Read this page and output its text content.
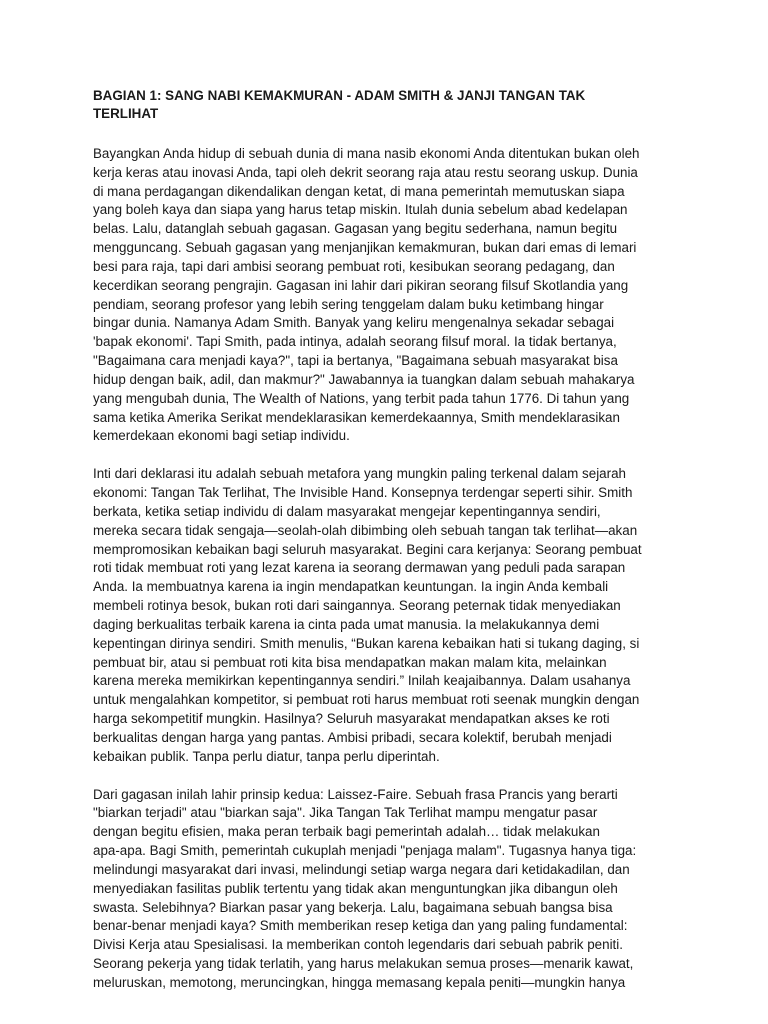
BAGIAN 1: SANG NABI KEMAKMURAN - ADAM SMITH & JANJI TANGAN TAK
TERLIHAT
Bayangkan Anda hidup di sebuah dunia di mana nasib ekonomi Anda ditentukan bukan oleh
kerja keras atau inovasi Anda, tapi oleh dekrit seorang raja atau restu seorang uskup. Dunia
di mana perdagangan dikendalikan dengan ketat, di mana pemerintah memutuskan siapa
yang boleh kaya dan siapa yang harus tetap miskin. Itulah dunia sebelum abad kedelapan
belas. Lalu, datanglah sebuah gagasan. Gagasan yang begitu sederhana, namun begitu
mengguncang. Sebuah gagasan yang menjanjikan kemakmuran, bukan dari emas di lemari
besi para raja, tapi dari ambisi seorang pembuat roti, kesibukan seorang pedagang, dan
kecerdikan seorang pengrajin. Gagasan ini lahir dari pikiran seorang filsuf Skotlandia yang
pendiam, seorang profesor yang lebih sering tenggelam dalam buku ketimbang hingar
bingar dunia. Namanya Adam Smith. Banyak yang keliru mengenalnya sekadar sebagai
'bapak ekonomi'. Tapi Smith, pada intinya, adalah seorang filsuf moral. Ia tidak bertanya,
"Bagaimana cara menjadi kaya?", tapi ia bertanya, "Bagaimana sebuah masyarakat bisa
hidup dengan baik, adil, dan makmur?" Jawabannya ia tuangkan dalam sebuah mahakarya
yang mengubah dunia, The Wealth of Nations, yang terbit pada tahun 1776. Di tahun yang
sama ketika Amerika Serikat mendeklarasikan kemerdekaannya, Smith mendeklarasikan
kemerdekaan ekonomi bagi setiap individu.
Inti dari deklarasi itu adalah sebuah metafora yang mungkin paling terkenal dalam sejarah
ekonomi: Tangan Tak Terlihat, The Invisible Hand. Konsepnya terdengar seperti sihir. Smith
berkata, ketika setiap individu di dalam masyarakat mengejar kepentingannya sendiri,
mereka secara tidak sengaja—seolah-olah dibimbing oleh sebuah tangan tak terlihat—akan
mempromosikan kebaikan bagi seluruh masyarakat. Begini cara kerjanya: Seorang pembuat
roti tidak membuat roti yang lezat karena ia seorang dermawan yang peduli pada sarapan
Anda. Ia membuatnya karena ia ingin mendapatkan keuntungan. Ia ingin Anda kembali
membeli rotinya besok, bukan roti dari saingannya. Seorang peternak tidak menyediakan
daging berkualitas terbaik karena ia cinta pada umat manusia. Ia melakukannya demi
kepentingan dirinya sendiri. Smith menulis, “Bukan karena kebaikan hati si tukang daging, si
pembuat bir, atau si pembuat roti kita bisa mendapatkan makan malam kita, melainkan
karena mereka memikirkan kepentingannya sendiri.” Inilah keajaibannya. Dalam usahanya
untuk mengalahkan kompetitor, si pembuat roti harus membuat roti seenak mungkin dengan
harga sekompetitif mungkin. Hasilnya? Seluruh masyarakat mendapatkan akses ke roti
berkualitas dengan harga yang pantas. Ambisi pribadi, secara kolektif, berubah menjadi
kebaikan publik. Tanpa perlu diatur, tanpa perlu diperintah.
Dari gagasan inilah lahir prinsip kedua: Laissez-Faire. Sebuah frasa Prancis yang berarti
"biarkan terjadi" atau "biarkan saja". Jika Tangan Tak Terlihat mampu mengatur pasar
dengan begitu efisien, maka peran terbaik bagi pemerintah adalah… tidak melakukan
apa-apa. Bagi Smith, pemerintah cukuplah menjadi "penjaga malam". Tugasnya hanya tiga:
melindungi masyarakat dari invasi, melindungi setiap warga negara dari ketidakadilan, dan
menyediakan fasilitas publik tertentu yang tidak akan menguntungkan jika dibangun oleh
swasta. Selebihnya? Biarkan pasar yang bekerja. Lalu, bagaimana sebuah bangsa bisa
benar-benar menjadi kaya? Smith memberikan resep ketiga dan yang paling fundamental:
Divisi Kerja atau Spesialisasi. Ia memberikan contoh legendaris dari sebuah pabrik peniti.
Seorang pekerja yang tidak terlatih, yang harus melakukan semua proses—menarik kawat,
meluruskan, memotong, meruncingkan, hingga memasang kepala peniti—mungkin hanya
